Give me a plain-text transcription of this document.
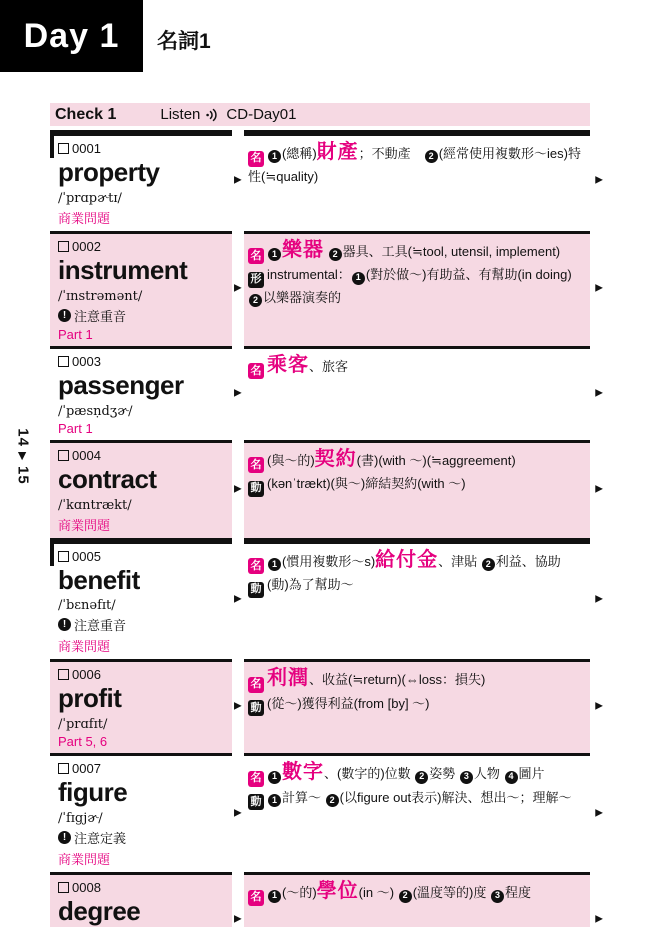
Day 1 名詞1
14 ▶ 15
Check 1	Listen CD-Day01
0001
property
/ˈprɑpɚtɪ/
商業問題

名 1 (總稱)財產；不動產　2 (經常使用複數形～ies)特性(≒quality)

▶	▶
0002
instrument
/ˈɪnstrəmənt/
! 注意重音
Part 1

名 1 樂器 2 器具、工具(≒tool, utensil, implement)

形 instrumental： 1 (對於做～)有助益、有幫助(in doing) 2 以樂器演奏的

▶	▶
0003
passenger
/ˈpæsṇdʒɚ/
Part 1

名 乘客、旅客

▶	▶
0004
contract
/ˈkɑntrækt/
商業問題

名 (與～的)契約(書)(with ～)(≒aggreement)

動 (kənˈtrækt)(與～)締結契約(with ～)

▶	▶
0005
benefit
/ˈbɛnəfɪt/
! 注意重音
商業問題

名 1 (慣用複數形～s)給付金、津貼 2 利益、協助

動 (動)為了幫助～

▶	▶
0006
profit
/ˈprɑfɪt/
Part 5, 6

名 利潤、收益(≒return)(⇔loss：損失)

動 (從～)獲得利益(from [by] ～)

▶	▶
0007
figure
/ˈfɪgjɚ/
! 注意定義
商業問題

名 1 數字、(數字的)位數 2 姿勢 3 人物 4 圖片

動 1 計算～ 2 (以figure out表示)解決、想出～；理解～

▶	▶
0008
degree	名 1 (～的)學位(in ～) 2 (溫度等的)度 3 程度

▶	▶
